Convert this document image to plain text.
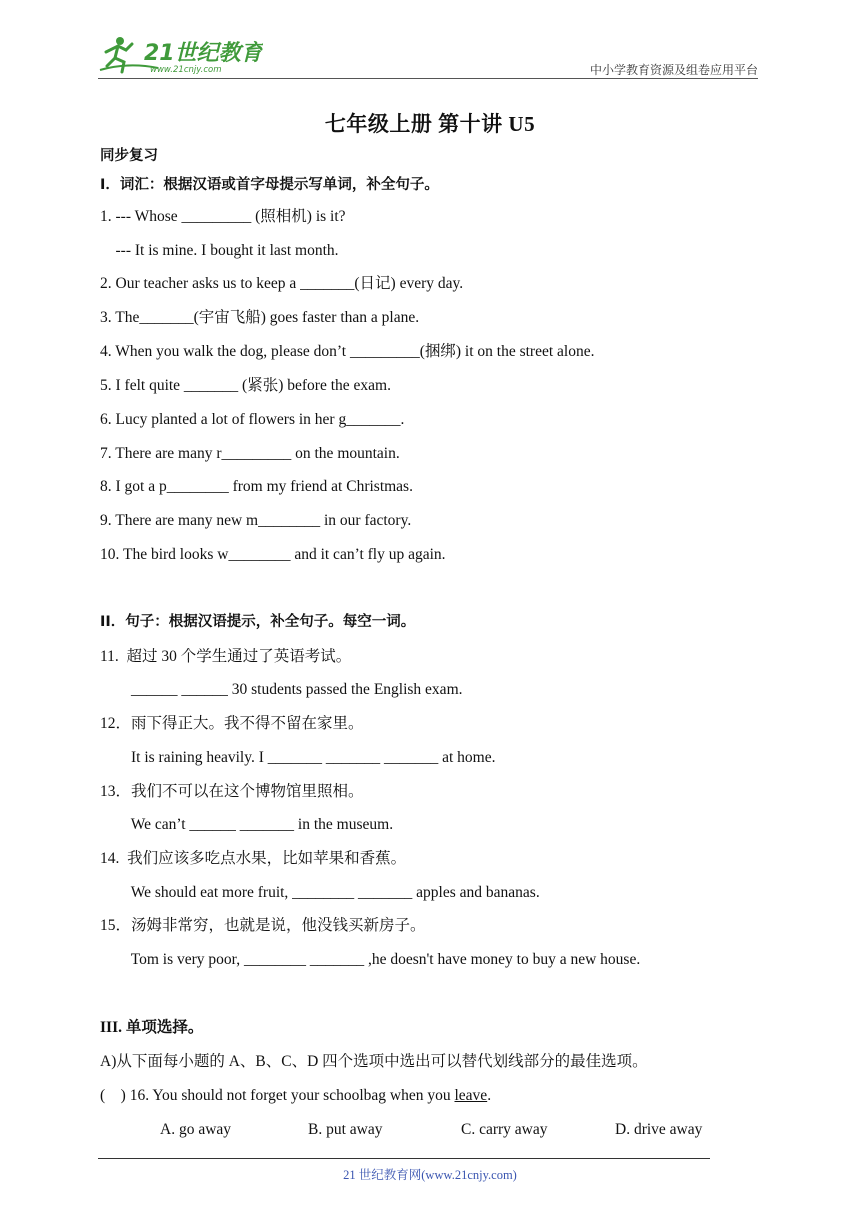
21世纪教育
www.21cnjy.com	中小学教育资源及组卷应用平台
七年级上册 第十讲 U5
同步复习
I．词汇：根据汉语或首字母提示写单词，补全句子。
1. --- Whose _________ (照相机) is it?
--- It is mine. I bought it last month.
2. Our teacher asks us to keep a _______(日记) every day.
3. The_______(宇宙飞船) goes faster than a plane.
4. When you walk the dog, please don’t _________(捆绑) it on the street alone.
5. I felt quite _______ (紧张) before the exam.
6. Lucy planted a lot of flowers in her g_______.
7. There are many r_________ on the mountain.
8. I got a p________ from my friend at Christmas.
9. There are many new m________ in our factory.
10. The bird looks w________ and it can’t fly up again.
II．句子：根据汉语提示，补全句子。每空一词。
11.  超过 30 个学生通过了英语考试。
______ ______ 30 students passed the English exam.
12．雨下得正大。我不得不留在家里。
It is raining heavily. I _______ _______ _______ at home.
13．我们不可以在这个博物馆里照相。
We can’t ______ _______ in the museum.
14.  我们应该多吃点水果，比如苹果和香蕉。
We should eat more fruit, ________ _______ apples and bananas.
15．汤姆非常穷，也就是说，他没钱买新房子。
Tom is very poor, ________ _______ ,he doesn't have money to buy a new house.
III. 单项选择。
A)从下面每小题的 A、B、C、D 四个选项中选出可以替代划线部分的最佳选项。
(    ) 16. You should not forget your schoolbag when you leave.
A. go away	B. put away	C. carry away	D. drive away
21 世纪教育网(www.21cnjy.com)
